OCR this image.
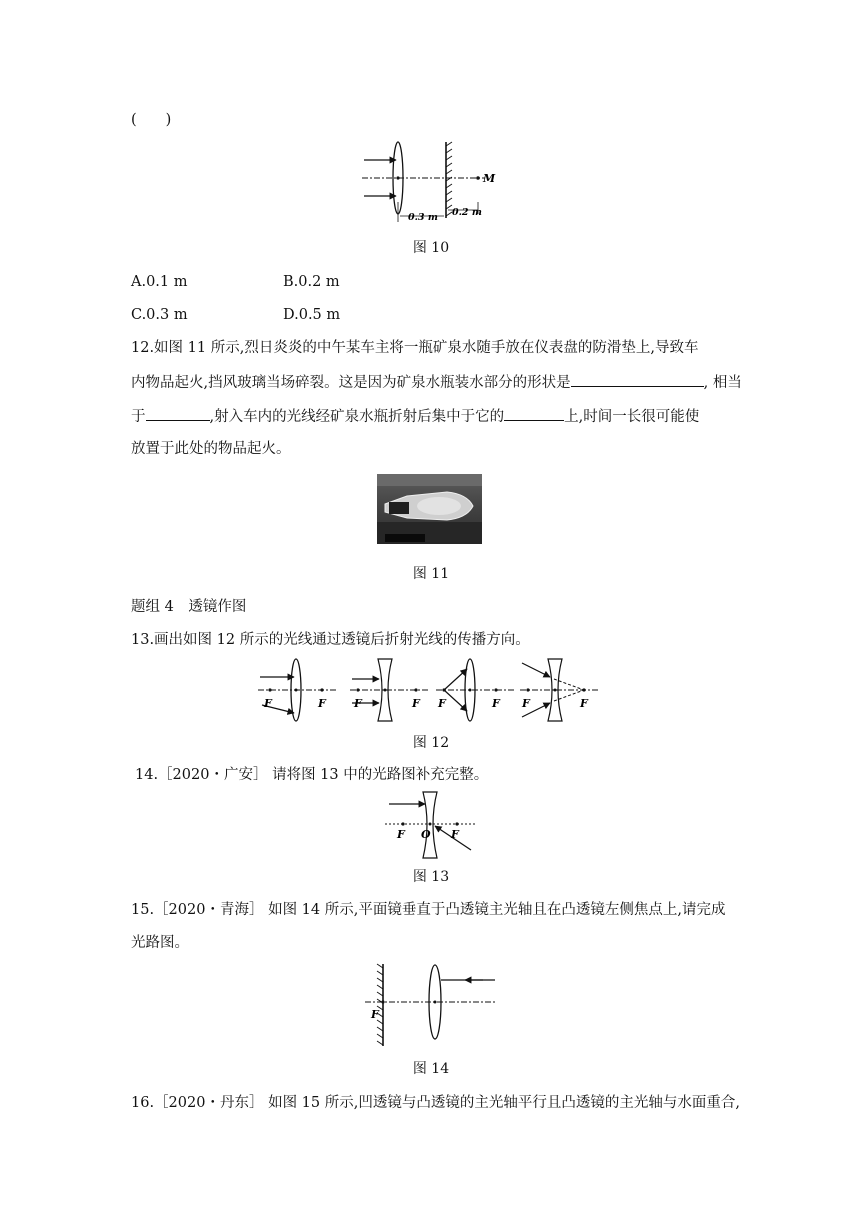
(　　)
M
0.3 m 0.2 m
图 10
A.0.1 m	B.0.2 m
C.0.3 m	D.0.5 m
12.如图 11 所示,烈日炎炎的中午某车主将一瓶矿泉水随手放在仪表盘的防滑垫上,导致车
内物品起火,挡风玻璃当场碎裂。这是因为矿泉水瓶装水部分的形状是	, 相当
于	,射入车内的光线经矿泉水瓶折射后集中于它的	上,时间一长很可能使
放置于此处的物品起火。
图 11
题组 4　透镜作图
13.画出如图 12 所示的光线通过透镜后折射光线的传播方向。
F	F	F	F F	F F	F
图 12
14.［2020・广安］ 请将图 13 中的光路图补充完整。
F O F
图 13
15.［2020・青海］ 如图 14 所示,平面镜垂直于凸透镜主光轴且在凸透镜左侧焦点上,请完成
光路图。
F
图 14
16.［2020・丹东］ 如图 15 所示,凹透镜与凸透镜的主光轴平行且凸透镜的主光轴与水面重合,
